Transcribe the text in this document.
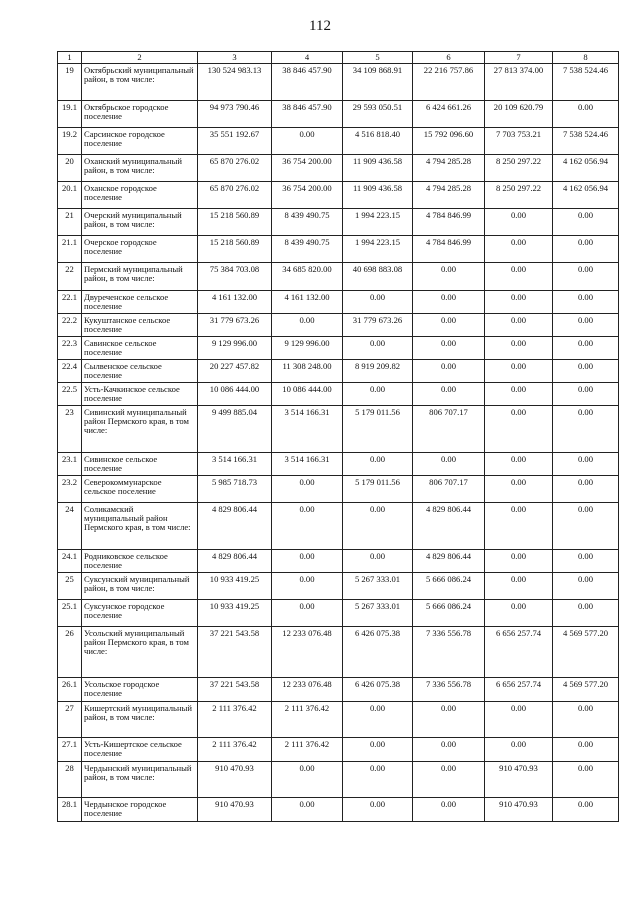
112
1	2	3	4	5	6	7	8
19	Октябрьский муниципальный район, в том числе:	130 524 983.13	38 846 457.90	34 109 868.91	22 216 757.86	27 813 374.00	7 538 524.46
19.1	Октябрьское городское поселение	94 973 790.46	38 846 457.90	29 593 050.51	6 424 661.26	20 109 620.79	0.00
19.2	Сарсинское городское поселение	35 551 192.67	0.00	4 516 818.40	15 792 096.60	7 703 753.21	7 538 524.46
20	Оханский муниципальный район, в том числе:	65 870 276.02	36 754 200.00	11 909 436.58	4 794 285.28	8 250 297.22	4 162 056.94
20.1	Оханское городское поселение	65 870 276.02	36 754 200.00	11 909 436.58	4 794 285.28	8 250 297.22	4 162 056.94
21	Очерский муниципальный район, в том числе:	15 218 560.89	8 439 490.75	1 994 223.15	4 784 846.99	0.00	0.00
21.1	Очерское городское поселение	15 218 560.89	8 439 490.75	1 994 223.15	4 784 846.99	0.00	0.00
22	Пермский муниципальный район, в том числе:	75 384 703.08	34 685 820.00	40 698 883.08	0.00	0.00	0.00
22.1	Двуреченское сельское поселение	4 161 132.00	4 161 132.00	0.00	0.00	0.00	0.00
22.2	Кукуштанское сельское поселение	31 779 673.26	0.00	31 779 673.26	0.00	0.00	0.00
22.3	Савинское сельское поселение	9 129 996.00	9 129 996.00	0.00	0.00	0.00	0.00
22.4	Сылвенское сельское поселение	20 227 457.82	11 308 248.00	8 919 209.82	0.00	0.00	0.00
22.5	Усть-Качкинское сельское поселение	10 086 444.00	10 086 444.00	0.00	0.00	0.00	0.00
23	Сивинский муниципальный район Пермского края, в том числе:	9 499 885.04	3 514 166.31	5 179 011.56	806 707.17	0.00	0.00
23.1	Сивинское сельское поселение	3 514 166.31	3 514 166.31	0.00	0.00	0.00	0.00
23.2	Северокоммунарское сельское поселение	5 985 718.73	0.00	5 179 011.56	806 707.17	0.00	0.00
24	Соликамский муниципальный район Пермского края, в том числе:	4 829 806.44	0.00	0.00	4 829 806.44	0.00	0.00
24.1	Родниковское сельское поселение	4 829 806.44	0.00	0.00	4 829 806.44	0.00	0.00
25	Суксунский муниципальный район, в том числе:	10 933 419.25	0.00	5 267 333.01	5 666 086.24	0.00	0.00
25.1	Суксунское городское поселение	10 933 419.25	0.00	5 267 333.01	5 666 086.24	0.00	0.00
26	Усольский муниципальный район Пермского края, в том числе:	37 221 543.58	12 233 076.48	6 426 075.38	7 336 556.78	6 656 257.74	4 569 577.20
26.1	Усольское городское поселение	37 221 543.58	12 233 076.48	6 426 075.38	7 336 556.78	6 656 257.74	4 569 577.20
27	Кишертский муниципальный район, в том числе:	2 111 376.42	2 111 376.42	0.00	0.00	0.00	0.00
27.1	Усть-Кишертское сельское поселение	2 111 376.42	2 111 376.42	0.00	0.00	0.00	0.00
28	Чердынский муниципальный район, в том числе:	910 470.93	0.00	0.00	0.00	910 470.93	0.00
28.1	Чердынское городское поселение	910 470.93	0.00	0.00	0.00	910 470.93	0.00
